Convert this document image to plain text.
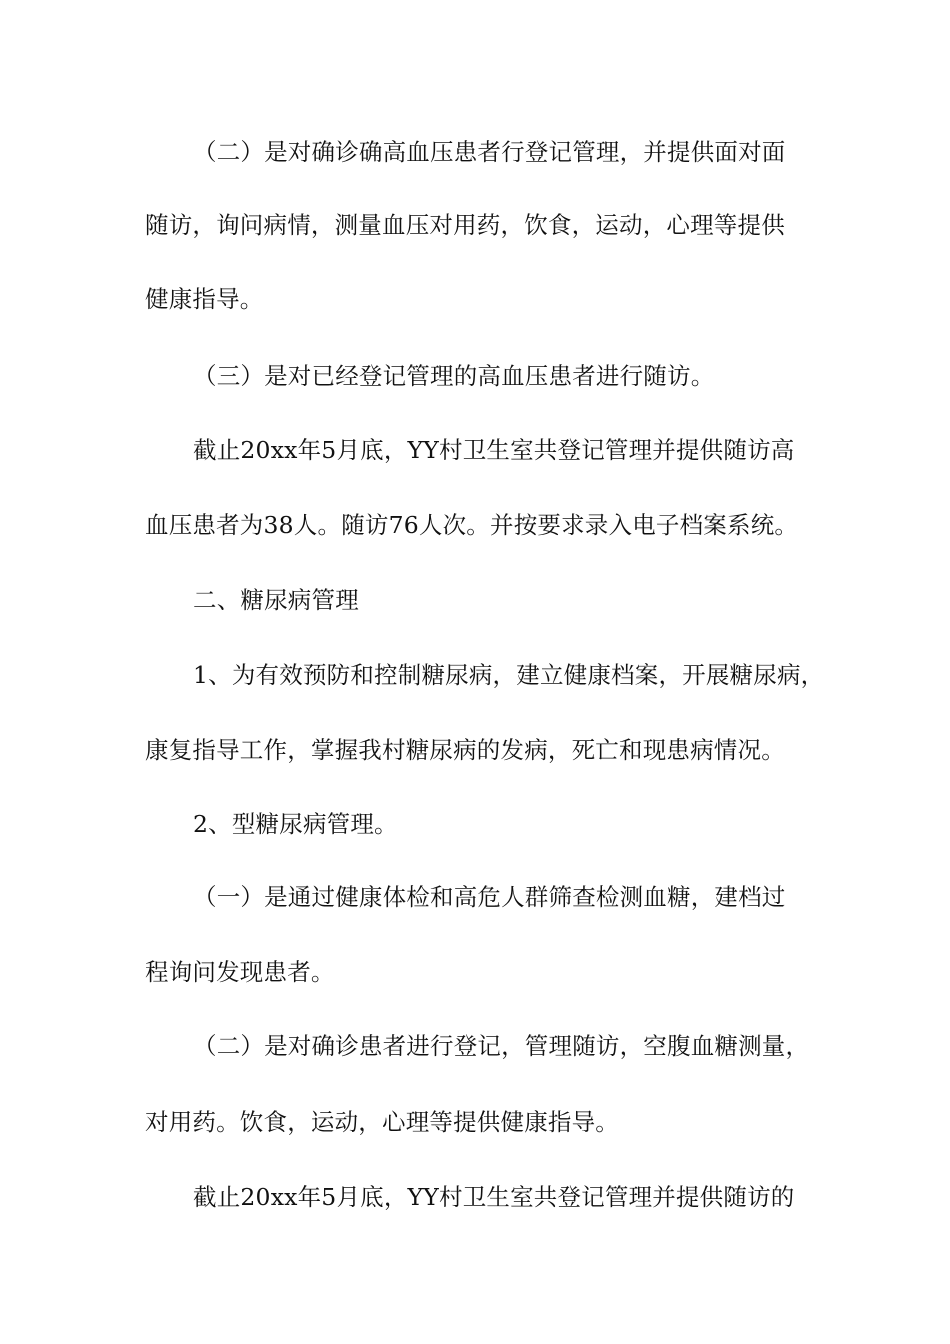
（二）是对确诊确高血压患者行登记管理，并提供面对面
随访，询问病情，测量血压对用药，饮食，运动，心理等提供
健康指导。
（三）是对已经登记管理的高血压患者进行随访。
截止20xx年5月底，YY村卫生室共登记管理并提供随访高
血压患者为38人。随访76人次。并按要求录入电子档案系统。
二、糖尿病管理
1、为有效预防和控制糖尿病，建立健康档案，开展糖尿病，
康复指导工作，掌握我村糖尿病的发病，死亡和现患病情况。
2、型糖尿病管理。
（一）是通过健康体检和高危人群筛查检测血糖，建档过
程询问发现患者。
（二）是对确诊患者进行登记，管理随访，空腹血糖测量，
对用药。饮食，运动，心理等提供健康指导。
截止20xx年5月底，YY村卫生室共登记管理并提供随访的
